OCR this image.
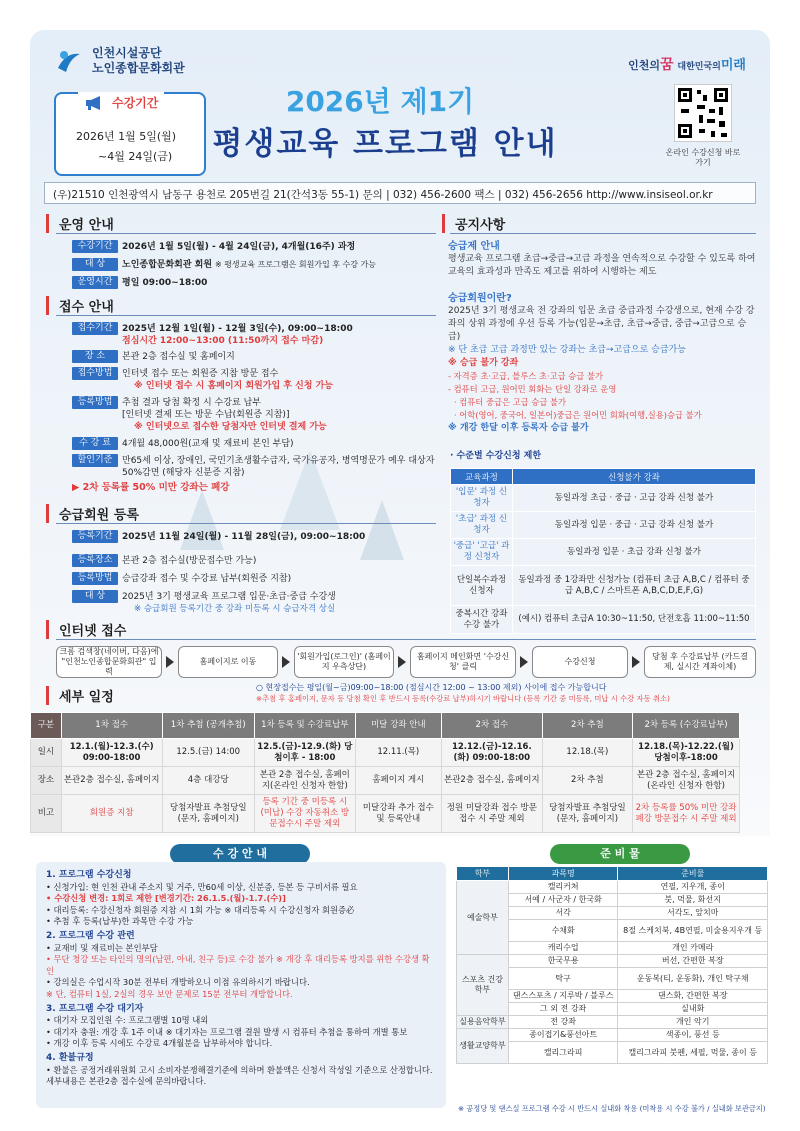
인천시설공단
노인종합문화회관	인천의꿈 대한민국의미래
수강기간
2026년 1월 5일(월)
~4월 24일(금)
2026년 제1기
평생교육 프로그램 안내	온라인 수강신청 바로가기
(우)21510 인천광역시 남동구 용천로 205번길 21(간석3동 55-1) 문의 | 032) 456-2600 팩스 | 032) 456-2656 http://www.insiseol.or.kr
운영 안내
수강기간	2026년 1월 5일(월) - 4월 24일(금), 4개월(16주) 과정
대 상	노인종합문화회관 회원 ※ 평생교육 프로그램은 회원가입 후 수강 가능
운영시간	평일 09:00~18:00
접수 안내
접수기간	2025년 12월 1일(월) - 12월 3일(수), 09:00~18:00
점심시간 12:00~13:00 (11:50까지 접수 마감)
장 소	본관 2층 접수실 및 홈페이지
접수방법	인터넷 접수 또는 회원증 지참 방문 접수
※ 인터넷 접수 시 홈페이지 회원가입 후 신청 가능
등록방법	추첨 결과 당첨 확정 시 수강료 납부
[인터넷 결제 또는 방문 수납(회원증 지참)]
※ 인터넷으로 접수한 당첨자만 인터넷 결제 가능
수 강 료	4개월 48,000원(교재 및 재료비 본인 부담)
할인기준	만65세 이상, 장애인, 국민기초생활수급자, 국가유공자, 병역명문가 예우 대상자
50%감면 (해당자 신분증 지참)
▶ 2차 등록률 50% 미만 강좌는 폐강
승급회원 등록
등록기간	2025년 11월 24일(월) - 11월 28일(금), 09:00~18:00
등록장소	본관 2층 접수실(방문접수만 가능)
등록방법	승급강좌 접수 및 수강료 납부(회원증 지참)
대 상	2025년 3기 평생교육 프로그램 입문·초급·중급 수강생
※ 승급회원 등록기간 중 강좌 미등록 시 승급자격 상실
공지사항
승급제 안내
평생교육 프로그램 초급→중급→고급 과정을 연속적으로 수강할 수 있도록 하여 교육의 효과성과 만족도 제고를 위하여 시행하는 제도
승급회원이란?
2025년 3기 평생교육 전 강좌의 입문 초급 중급과정 수강생으로, 현재 수강 강좌의 상위 과정에 우선 등록 가능(입문→초급, 초급→중급, 중급→고급으로 승급)
※ 단 초급 고급 과정만 있는 강좌는 초급→고급으로 승급가능
※ 승급 불가 강좌
- 자격증 초·고급, 블루스 초·고급 승급 불가
- 컴퓨터 고급, 원어민 회화는 단일 강좌로 운영
· 컴퓨터 중급은 고급 승급 불가
· 어학(영어, 중국어, 일본어)중급은 원어민 회화(여행,실용)승급 불가
※ 개강 한달 이후 등록자 승급 불가
· 수준별 수강신청 제한
교육과정	신청불가 강좌
'입문' 과정 신청자	동일과정 초급 · 중급 · 고급 강좌 신청 불가
'초급' 과정 신청자	동일과정 입문 · 중급 · 고급 강좌 신청 불가
'중급' '고급' 과정 신청자	동일과정 입문 · 초급 강좌 신청 불가
단일복수과정 신청자	동일과정 중 1강좌만 신청가능 (컴퓨터 초급 A,B,C / 컴퓨터 중급 A,B,C / 스마트폰 A,B,C,D,E,F,G)
중복시간 강좌 수강 불가	(예시) 컴퓨터 초급A 10:30~11:50, 단전호흡 11:00~11:50
인터넷 접수
크롬 검색창(네이버, 다음)에 "인천노인종합문화회관" 입력
홈페이지로 이동
'회원가입(로그인)' (홈페이지 우측상단)
홈페이지 메인화면 '수강신청' 클릭
수강신청
당첨 후 수강료납부 (카드결제, 실시간 계좌이체)
○ 현장접수는 평일(월~금)09:00~18:00 (점심시간 12:00 ~ 13:00 제외) 사이에 접수 가능합니다
※추첨 후 홈페이지, 문자 등 당첨 확인 후 반드시 등록(수강료 납부)하시기 바랍니다 (등록 기간 중 미등록, 미납 시 수강 자동 취소)
세부 일정
구분	1차 접수	1차 추첨 (공개추첨)	1차 등록 및 수강료납부	미달 강좌 안내	2차 접수	2차 추첨	2차 등록 (수강료납부)
일시	12.1.(월)-12.3.(수) 09:00-18:00	12.5.(금) 14:00	12.5.(금)-12.9.(화) 당첨이후 - 18:00	12.11.(목)	12.12.(금)-12.16.(화) 09:00-18:00	12.18.(목)	12.18.(목)-12.22.(월) 당첨이후-18:00
장소	본관2층 접수실, 홈페이지	4층 대강당	본관 2층 접수실, 홈페이지(온라인 신청자 한함)	홈페이지 게시	본관2층 접수실, 홈페이지	2차 추첨	본관 2층 접수실, 홈페이지(온라인 신청자 한함)
비고	회원증 지참	당첨자발표 추첨당일 (문자, 홈페이지)	등록 기간 중 미등록 시 (미납) 수강 자동취소 방문접수시 주말 제외	미달강좌 추가 접수 및 등록안내	정원 미달강좌 접수 방문접수 시 주말 제외	당첨자발표 추첨당일 (문자, 홈페이지)	2차 등록률 50% 미만 강좌폐강 방문접수 시 주말 제외
수 강 안 내	준 비 물
1. 프로그램 수강신청
• 신청가입: 현 인천 관내 주소지 및 거주, 만60세 이상, 신분증, 등본 등 구비서류 필요
• 수강신청 변경: 1회로 제한 [변경기간: 26.1.5.(월)-1.7.(수)]
• 대리등록: 수강신청자 회원증 지참 시 1회 가능 ※ 대리등록 시 수강신청자 회원증必
• 추첨 후 등록(납부)한 과목만 수강 가능
2. 프로그램 수강 관련
• 교재비 및 재료비는 본인부담
• 무단 청강 또는 타인의 명의(남편, 아내, 친구 등)로 수강 불가 ※ 개강 후 대리등록 방지를 위한 수강생 확인
• 강의실은 수업시작 30분 전부터 개방하오니 이점 유의하시기 바랍니다.
※ 단, 컴퓨터 1실, 2실의 경우 보안 문제로 15분 전부터 개방합니다.
3. 프로그램 수강 대기자
• 대기자 모집인원 수: 프로그램별 10명 내외
• 대기자 충원: 개강 후 1주 이내 ※ 대기자는 프로그램 결원 발생 시 컴퓨터 추첨을 통하여 개별 통보
• 개강 이후 등록 시에도 수강료 4개월분을 납부하셔야 합니다.
4. 환불규정
• 환불은 공정거래위원회 고시 소비자분쟁해결기준에 의하며 환불액은 신청서 작성일 기준으로 산정합니다. 세부내용은 본관2층 접수실에 문의바랍니다.
학부	과목명	준비물
예술학부	캘리커쳐	연필, 지우개, 종이
	서예 / 사군자 / 한국화	붓, 먹물, 화선지
	서각	서각도, 앞치마
	수채화	8절 스케치북, 4B연필, 미술용지우개 등
	캐리수업	개인 카메라
스포츠 건강학부	한국무용	버선, 간편한 복장
	탁구	운동복(티, 운동화), 개인 탁구채
	댄스스포츠 / 지루박 / 블루스	댄스화, 간편한 복장
	그 외 전 강좌	실내화
실용음악학부	전 강좌	개인 악기
생활교양학부	종이접기&풍선아트	색종이, 풍선 등
	캘리그라피	캘리그라피 붓펜, 세필, 먹물, 종이 등
※ 공정당 및 댄스실 프로그램 수강 시 반드시 실내화 착용 (미착용 시 수강 불가 / 실내화 보관금지)
